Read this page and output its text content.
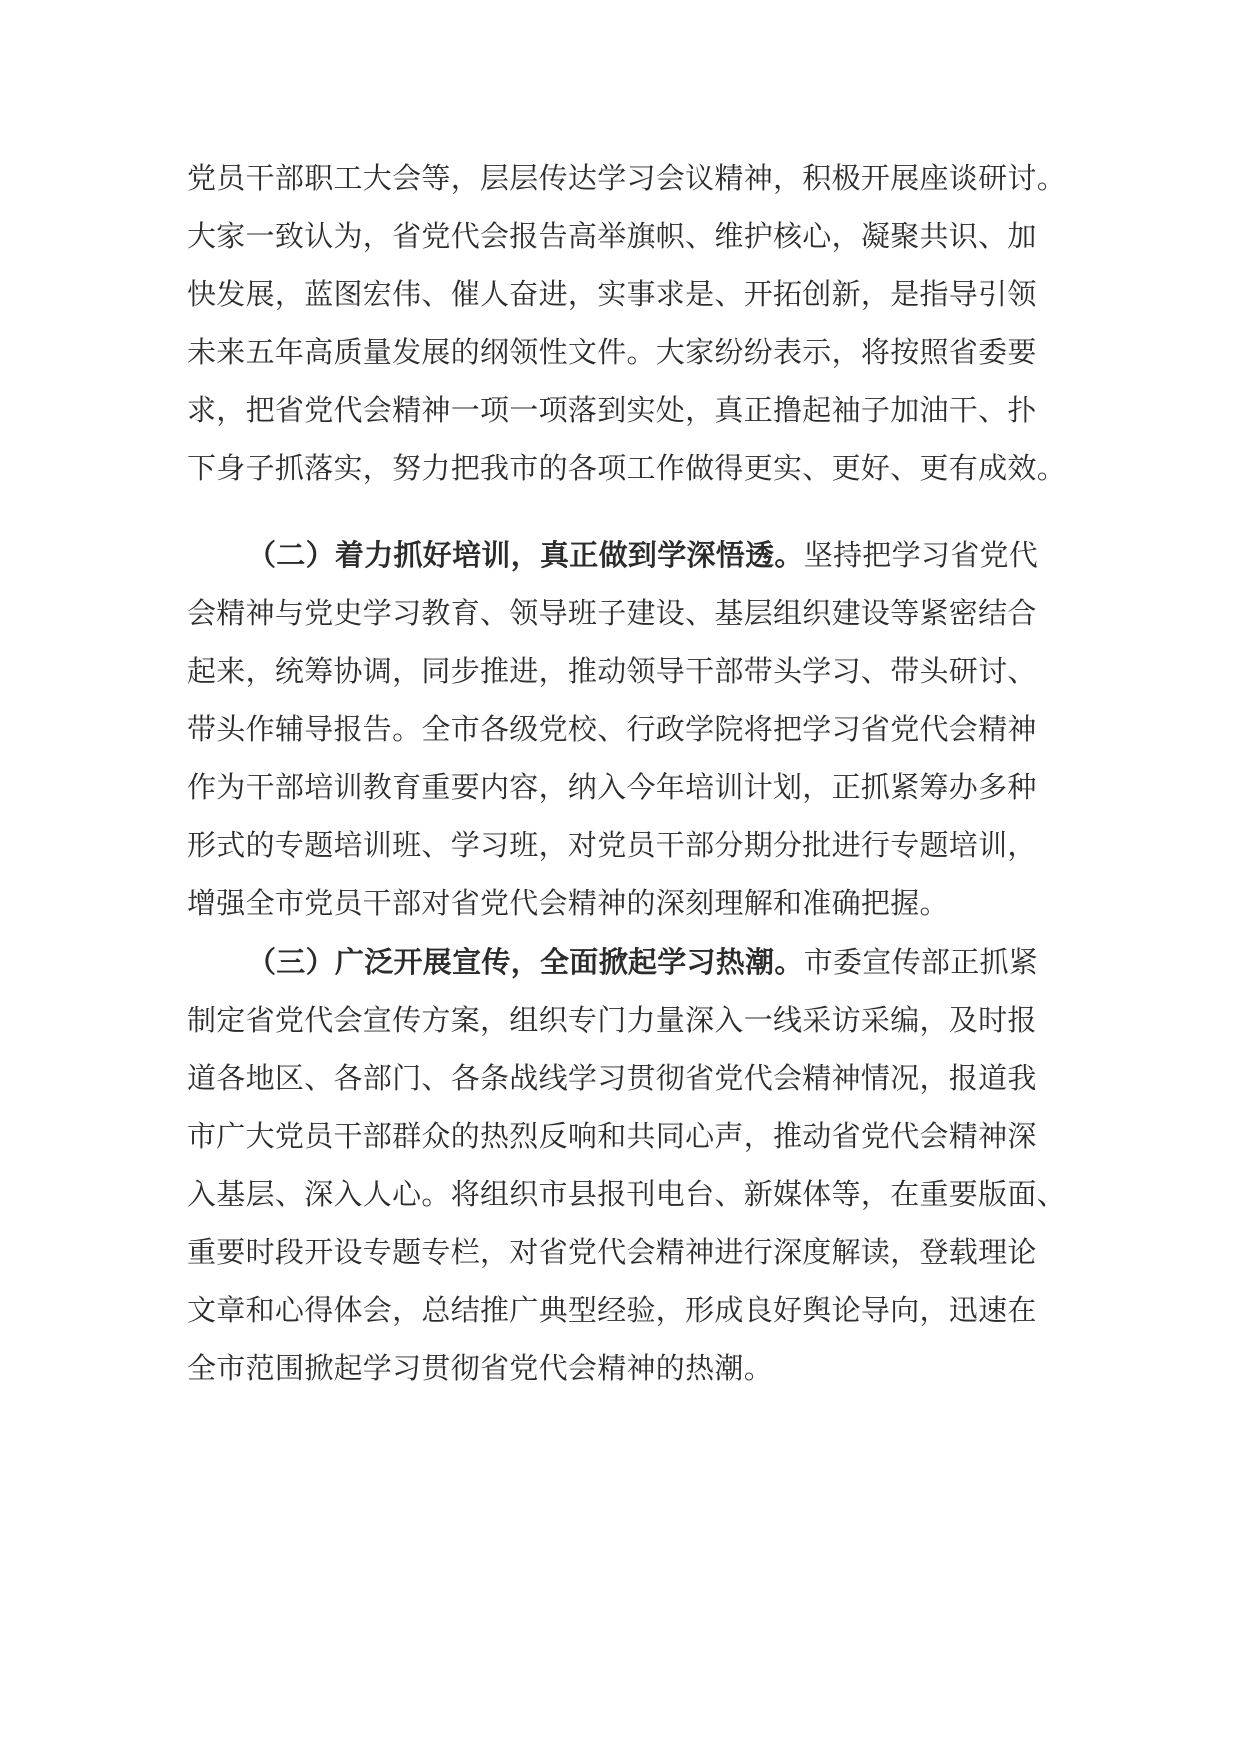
党员干部职工大会等，层层传达学习会议精神，积极开展座谈研讨。
大家一致认为，省党代会报告高举旗帜、维护核心，凝聚共识、加
快发展，蓝图宏伟、催人奋进，实事求是、开拓创新，是指导引领
未来五年高质量发展的纲领性文件。大家纷纷表示，将按照省委要
求，把省党代会精神一项一项落到实处，真正撸起袖子加油干、扑
下身子抓落实，努力把我市的各项工作做得更实、更好、更有成效。
（二）着力抓好培训，真正做到学深悟透。坚持把学习省党代
会精神与党史学习教育、领导班子建设、基层组织建设等紧密结合
起来，统筹协调，同步推进，推动领导干部带头学习、带头研讨、
带头作辅导报告。全市各级党校、行政学院将把学习省党代会精神
作为干部培训教育重要内容，纳入今年培训计划，正抓紧筹办多种
形式的专题培训班、学习班，对党员干部分期分批进行专题培训，
增强全市党员干部对省党代会精神的深刻理解和准确把握。
（三）广泛开展宣传，全面掀起学习热潮。市委宣传部正抓紧
制定省党代会宣传方案，组织专门力量深入一线采访采编，及时报
道各地区、各部门、各条战线学习贯彻省党代会精神情况，报道我
市广大党员干部群众的热烈反响和共同心声，推动省党代会精神深
入基层、深入人心。将组织市县报刊电台、新媒体等，在重要版面、
重要时段开设专题专栏，对省党代会精神进行深度解读，登载理论
文章和心得体会，总结推广典型经验，形成良好舆论导向，迅速在
全市范围掀起学习贯彻省党代会精神的热潮。
